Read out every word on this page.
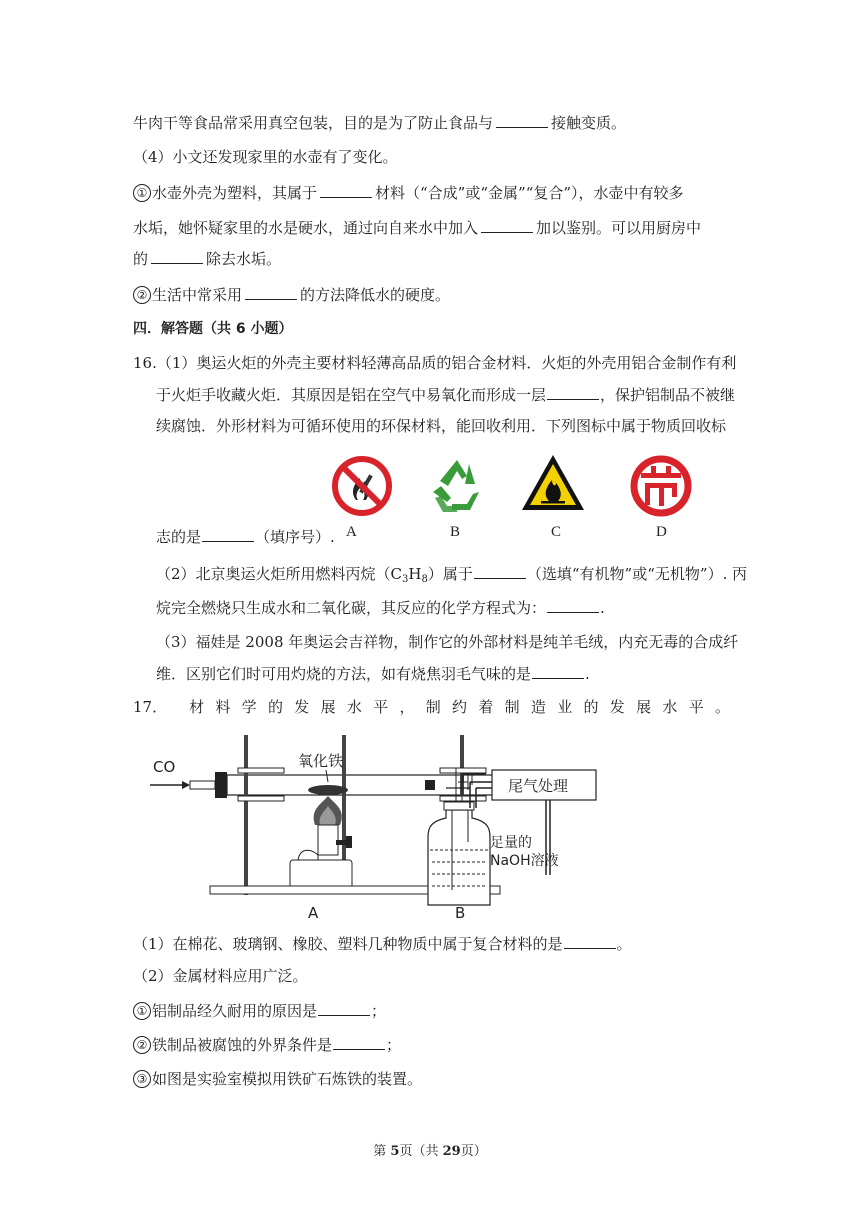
牛肉干等食品常采用真空包装，目的是为了防止食品与	接触变质。
（4）小文还发现家里的水壶有了变化。
① 水壶外壳为塑料，其属于	材料（“合成”或“金属”“复合”），水壶中有较多
水垢，她怀疑家里的水是硬水，通过向自来水中加入	加以鉴别。可以用厨房中
的	除去水垢。
② 生活中常采用	的方法降低水的硬度。
四．解答题（共 6 小题）
16.（1）奥运火炬的外壳主要材料轻薄高品质的铝合金材料．火炬的外壳用铝合金制作有利
于火炬手收藏火炬．其原因是铝在空气中易氧化而形成一层	，保护铝制品不被继
续腐蚀．外形材料为可循环使用的环保材料，能回收利用．下列图标中属于物质回收标
A	B	C	D
志的是	（填序号）.
（2）北京奥运火炬所用燃料丙烷$(C_3H_8)$属于	（选填“有机物”或“无机物”）. 丙
烷完全燃烧只生成水和二氧化碳，其反应的化学方程式为：	.
（3）福娃是 2008 年奥运会吉祥物，制作它的外部材料是纯羊毛绒，内充无毒的合成纤
维．区别它们时可用灼烧的方法，如有烧焦羽毛气味的是	.
17． 材料学的发展水平，制约着制造业的发展水平。
CO	氧化铁
A	B
尾气处理
足量的
NaOH溶液
（1）在棉花、玻璃钢、橡胶、塑料几种物质中属于复合材料的是	。
（2）金属材料应用广泛。
① 铝制品经久耐用的原因是	；
② 铁制品被腐蚀的外界条件是	；
③ 如图是实验室模拟用铁矿石炼铁的装置。
第 5页（共 29页）
